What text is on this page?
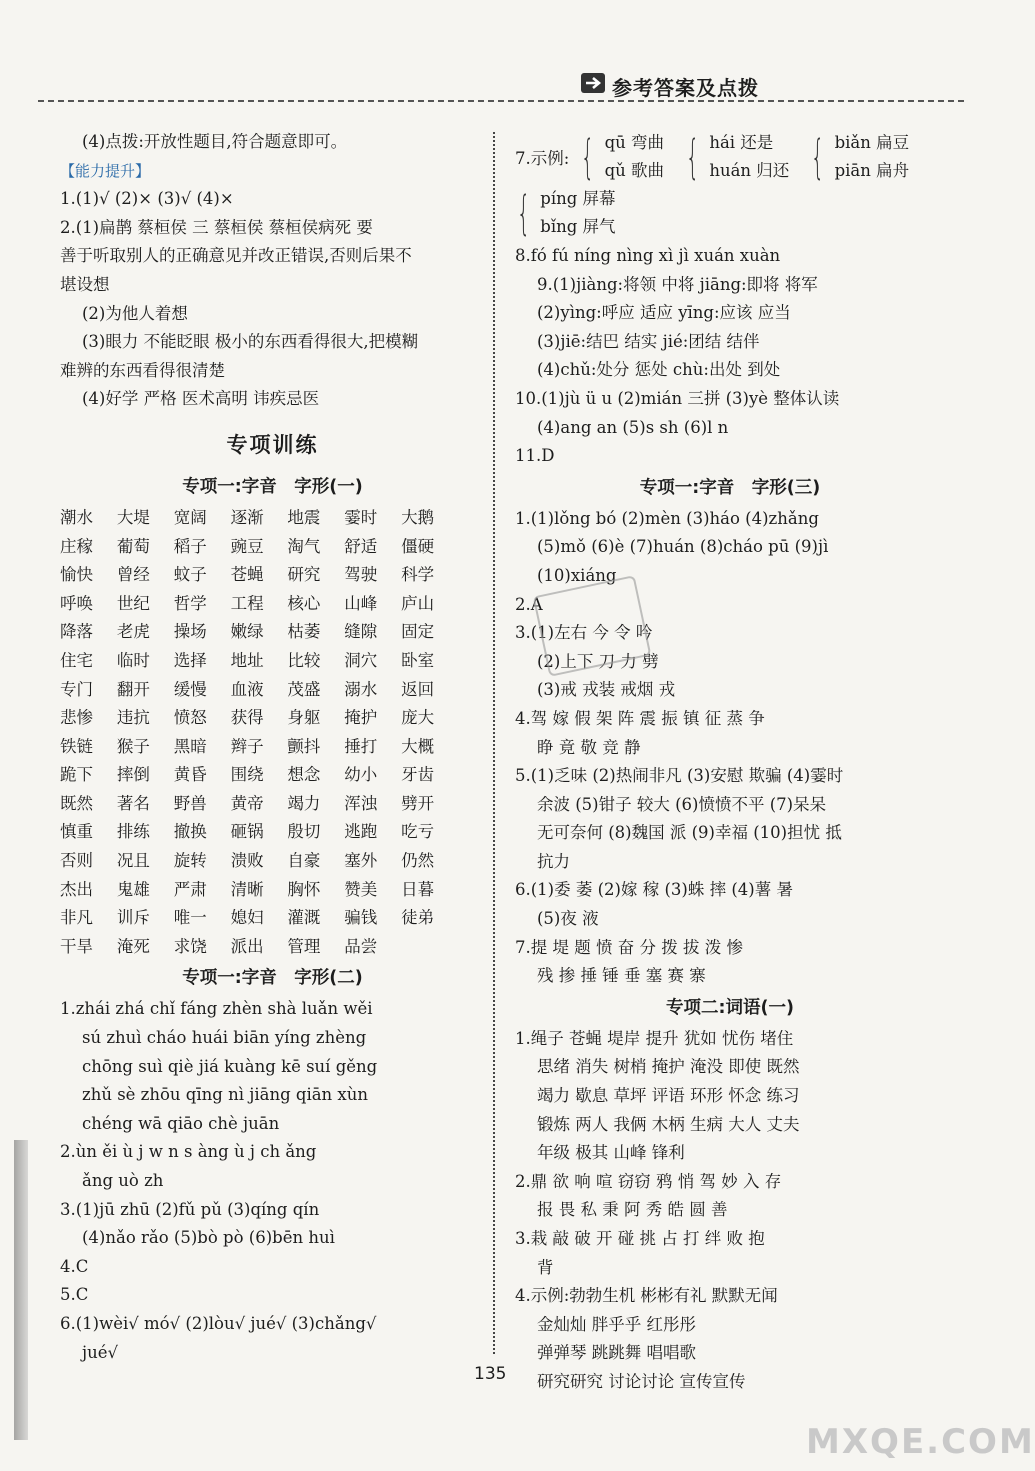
参考答案及点拨
(4)点拨:开放性题目,符合题意即可。
【能力提升】
1.(1)√ (2)× (3)√ (4)×
2.(1)扁鹊 蔡桓侯 三 蔡桓侯 蔡桓侯病死 要
善于听取别人的正确意见并改正错误,否则后果不
堪设想
(2)为他人着想
(3)眼力 不能眨眼 极小的东西看得很大,把模糊
难辨的东西看得很清楚
(4)好学 严格 医术高明 讳疾忌医
专项训练
专项一:字音　字形(一)
潮水	大堤	宽阔	逐渐	地震	霎时	大鹅
庄稼	葡萄	稻子	豌豆	淘气	舒适	僵硬
愉快	曾经	蚊子	苍蝇	研究	驾驶	科学
呼唤	世纪	哲学	工程	核心	山峰	庐山
降落	老虎	操场	嫩绿	枯萎	缝隙	固定
住宅	临时	选择	地址	比较	洞穴	卧室
专门	翻开	缓慢	血液	茂盛	溺水	返回
悲惨	违抗	愤怒	获得	身躯	掩护	庞大
铁链	猴子	黑暗	辫子	颤抖	捶打	大概
跪下	摔倒	黄昏	围绕	想念	幼小	牙齿
既然	著名	野兽	黄帝	竭力	浑浊	劈开
慎重	排练	撤换	砸锅	殷切	逃跑	吃亏
否则	况且	旋转	溃败	自豪	塞外	仍然
杰出	鬼雄	严肃	清晰	胸怀	赞美	日暮
非凡	训斥	唯一	媳妇	灌溉	骗钱	徒弟
干旱	淹死	求饶	派出	管理	品尝
专项一:字音　字形(二)
1.zhái zhá chǐ fáng zhèn shà luǎn wěi
sú zhuì cháo huái biān yíng zhèng
chōng suì qiè jiá kuàng kē suí gěng
zhǔ sè zhōu qīng nì jiāng qiān xùn
chéng wā qiāo chè juān
2.ùn ěi ù j w n s àng ù j ch ǎng
ǎng uò zh
3.(1)jū zhū (2)fǔ pǔ (3)qíng qín
(4)nǎo rǎo (5)bò pò (6)bēn huì
4.C
5.C
6.(1)wèi√ mó√ (2)lòu√ jué√ (3)chǎng√
jué√
7.示例: { qū 弯曲
qǔ 歌曲 { hái 还是
huán 归还 { biǎn 扁豆
piān 扁舟
{ píng 屏幕
bǐng 屏气
8.fó fú níng nìng xì jì xuán xuàn
9.(1)jiàng:将领 中将 jiāng:即将 将军
(2)yìng:呼应 适应 yīng:应该 应当
(3)jiē:结巴 结实 jié:团结 结伴
(4)chǔ:处分 惩处 chù:出处 到处
10.(1)jù ü u (2)mián 三拼 (3)yè 整体认读
(4)ang an (5)s sh (6)l n
11.D
专项一:字音　字形(三)
1.(1)lǒng bó (2)mèn (3)háo (4)zhǎng
(5)mǒ (6)è (7)huán (8)cháo pū (9)jì
(10)xiáng
2.A
3.(1)左右 今 令 吟
(2)上下 刀 力 劈
(3)戒 戎装 戒烟 戎
4.驾 嫁 假 架 阵 震 振 镇 征 蒸 争
睁 竟 敬 竞 静
5.(1)乏味 (2)热闹非凡 (3)安慰 欺骗 (4)霎时
余波 (5)钳子 较大 (6)愤愤不平 (7)呆呆
无可奈何 (8)魏国 派 (9)幸福 (10)担忧 抵
抗力
6.(1)委 萎 (2)嫁 稼 (3)蛛 摔 (4)薯 暑
(5)夜 液
7.提 堤 题 愤 奋 分 拨 拔 泼 惨
残 掺 捶 锤 垂 塞 赛 寨
专项二:词语(一)
1.绳子 苍蝇 堤岸 提升 犹如 忧伤 堵住
思绪 消失 树梢 掩护 淹没 即使 既然
竭力 歇息 草坪 评语 环形 怀念 练习
锻炼 两人 我俩 木柄 生病 大人 丈夫
年级 极其 山峰 锋利
2.鼎 欲 响 喧 窃窃 鸦 悄 驾 妙 入 存
报 畏 私 秉 阿 秀 皓 圆 善
3.栽 敲 破 开 碰 挑 占 打 绊 败 抱
背
4.示例:勃勃生机 彬彬有礼 默默无闻
金灿灿 胖乎乎 红彤彤
弹弹琴 跳跳舞 唱唱歌
研究研究 讨论讨论 宣传宣传
135
MXQE.COM
